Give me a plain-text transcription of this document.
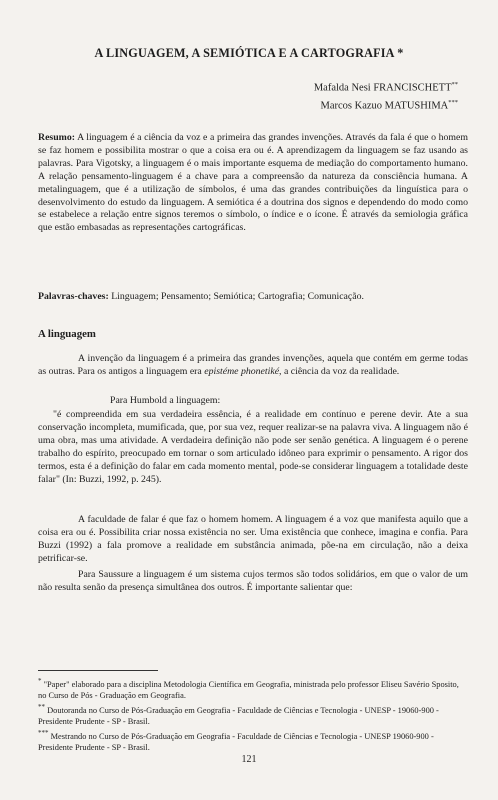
A LINGUAGEM, A SEMIÓTICA E A CARTOGRAFIA *
Mafalda Nesi FRANCISCHETT**
Marcos Kazuo MATUSHIMA***
Resumo: A linguagem é a ciência da voz e a primeira das grandes invenções. Através da fala é que o homem se faz homem e possibilita mostrar o que a coisa era ou é. A aprendizagem da linguagem se faz usando as palavras. Para Vigotsky, a linguagem é o mais importante esquema de mediação do comportamento humano. A relação pensamento-linguagem é a chave para a compreensão da natureza da consciência humana. A metalinguagem, que é a utilização de símbolos, é uma das grandes contribuições da linguística para o desenvolvimento do estudo da linguagem. A semiótica é a doutrina dos signos e dependendo do modo como se estabelece a relação entre signos teremos o símbolo, o índice e o ícone. É através da semiologia gráfica que estão embasadas as representações cartográficas.
Palavras-chaves: Linguagem; Pensamento; Semiótica; Cartografia; Comunicação.
A linguagem
A invenção da linguagem é a primeira das grandes invenções, aquela que contém em germe todas as outras. Para os antigos a linguagem era epistéme phonetiké, a ciência da voz da realidade.
Para Humbold a linguagem:
"é compreendida em sua verdadeira essência, é a realidade em contínuo e perene devir. Ate a sua conservação incompleta, mumificada, que, por sua vez, requer realizar-se na palavra viva. A linguagem não é uma obra, mas uma atividade. A verdadeira definição não pode ser senão genética. A linguagem é o perene trabalho do espírito, preocupado em tornar o som articulado idôneo para exprimir o pensamento. A rigor dos termos, esta é a definição do falar em cada momento mental, pode-se considerar linguagem a totalidade deste falar" (In: Buzzi, 1992, p. 245).
A faculdade de falar é que faz o homem homem. A linguagem é a voz que manifesta aquilo que a coisa era ou é. Possibilita criar nossa existência no ser. Uma existência que conhece, imagina e confia. Para Buzzi (1992) a fala promove a realidade em substância animada, põe-na em circulação, não a deixa petrificar-se.
Para Saussure a linguagem é um sistema cujos termos são todos solidários, em que o valor de um não resulta senão da presença simultânea dos outros. É importante salientar que:

* "Paper" elaborado para a disciplina Metodologia Científica em Geografia, ministrada pelo professor Eliseu Savério Sposito, no Curso de Pós - Graduação em Geografia.

** Doutoranda no Curso de Pós-Graduação em Geografia - Faculdade de Ciências e Tecnologia - UNESP - 19060-900 - Presidente Prudente - SP - Brasil.

*** Mestrando no Curso de Pós-Graduação em Geografia - Faculdade de Ciências e Tecnologia - UNESP 19060-900 - Presidente Prudente - SP - Brasil.

121
